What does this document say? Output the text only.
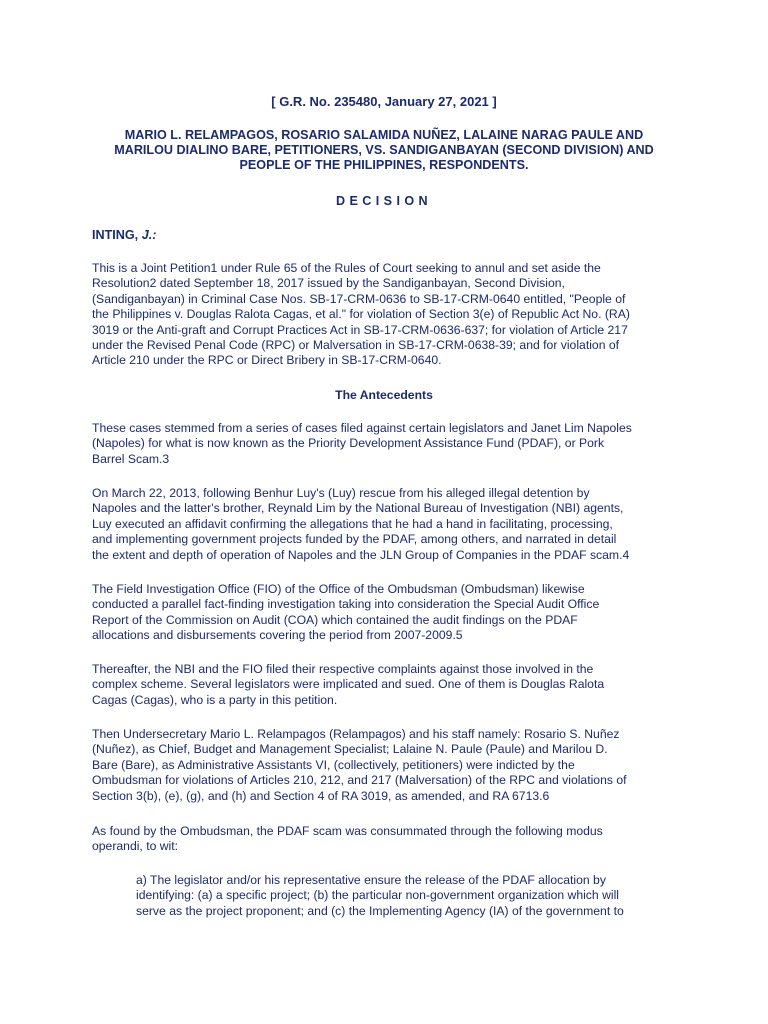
[ G.R. No. 235480, January 27, 2021 ]
MARIO L. RELAMPAGOS, ROSARIO SALAMIDA NUÑEZ, LALAINE NARAG PAULE AND
MARILOU DIALINO BARE, PETITIONERS, VS. SANDIGANBAYAN (SECOND DIVISION) AND
PEOPLE OF THE PHILIPPINES, RESPONDENTS.
DECISION
INTING, J.:
This is a Joint Petition1 under Rule 65 of the Rules of Court seeking to annul and set aside the
Resolution2 dated September 18, 2017 issued by the Sandiganbayan, Second Division,
(Sandiganbayan) in Criminal Case Nos. SB-17-CRM-0636 to SB-17-CRM-0640 entitled, "People of
the Philippines v. Douglas Ralota Cagas, et al." for violation of Section 3(e) of Republic Act No. (RA)
3019 or the Anti-graft and Corrupt Practices Act in SB-17-CRM-0636-637; for violation of Article 217
under the Revised Penal Code (RPC) or Malversation in SB-17-CRM-0638-39; and for violation of
Article 210 under the RPC or Direct Bribery in SB-17-CRM-0640.
The Antecedents
These cases stemmed from a series of cases filed against certain legislators and Janet Lim Napoles
(Napoles) for what is now known as the Priority Development Assistance Fund (PDAF), or Pork
Barrel Scam.3
On March 22, 2013, following Benhur Luy's (Luy) rescue from his alleged illegal detention by
Napoles and the latter's brother, Reynald Lim by the National Bureau of Investigation (NBI) agents,
Luy executed an affidavit confirming the allegations that he had a hand in facilitating, processing,
and implementing government projects funded by the PDAF, among others, and narrated in detail
the extent and depth of operation of Napoles and the JLN Group of Companies in the PDAF scam.4
The Field Investigation Office (FIO) of the Office of the Ombudsman (Ombudsman) likewise
conducted a parallel fact-finding investigation taking into consideration the Special Audit Office
Report of the Commission on Audit (COA) which contained the audit findings on the PDAF
allocations and disbursements covering the period from 2007-2009.5
Thereafter, the NBI and the FIO filed their respective complaints against those involved in the
complex scheme. Several legislators were implicated and sued. One of them is Douglas Ralota
Cagas (Cagas), who is a party in this petition.
Then Undersecretary Mario L. Relampagos (Relampagos) and his staff namely: Rosario S. Nuñez
(Nuñez), as Chief, Budget and Management Specialist; Lalaine N. Paule (Paule) and Marilou D.
Bare (Bare), as Administrative Assistants VI, (collectively, petitioners) were indicted by the
Ombudsman for violations of Articles 210, 212, and 217 (Malversation) of the RPC and violations of
Section 3(b), (e), (g), and (h) and Section 4 of RA 3019, as amended, and RA 6713.6
As found by the Ombudsman, the PDAF scam was consummated through the following modus
operandi, to wit:
a) The legislator and/or his representative ensure the release of the PDAF allocation by
identifying: (a) a specific project; (b) the particular non-government organization which will
serve as the project proponent; and (c) the Implementing Agency (IA) of the government to
